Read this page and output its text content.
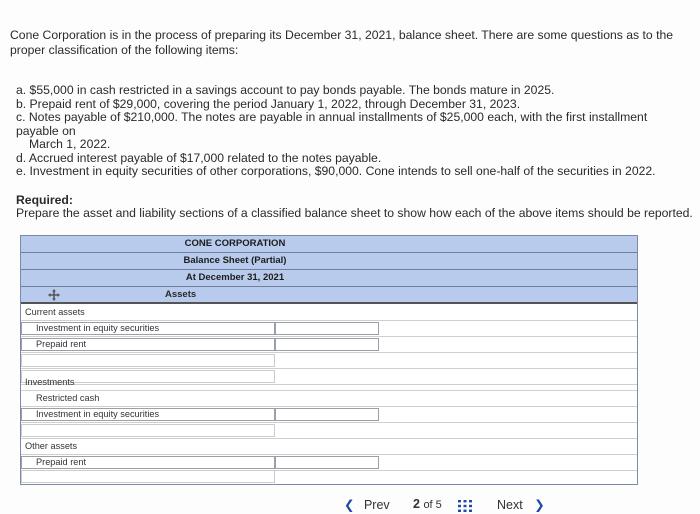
Cone Corporation is in the process of preparing its December 31, 2021, balance sheet. There are some questions as to the proper classification of the following items:

a. $55,000 in cash restricted in a savings account to pay bonds payable. The bonds mature in 2025.

b. Prepaid rent of $29,000, covering the period January 1, 2022, through December 31, 2023.

c. Notes payable of $210,000. The notes are payable in annual installments of $25,000 each, with the first installment payable on

March 1, 2022.

d. Accrued interest payable of $17,000 related to the notes payable.

e. Investment in equity securities of other corporations, $90,000. Cone intends to sell one-half of the securities in 2022.

Required:
Prepare the asset and liability sections of a classified balance sheet to show how each of the above items should be reported.
CONE CORPORATION
Balance Sheet (Partial)
At December 31, 2021
Assets
Current assets
Investment in equity securities
Prepaid rent
Investments
Restricted cash
Investment in equity securities
Other assets
Prepaid rent
❮ Prev 2 of 5	Next ❯
